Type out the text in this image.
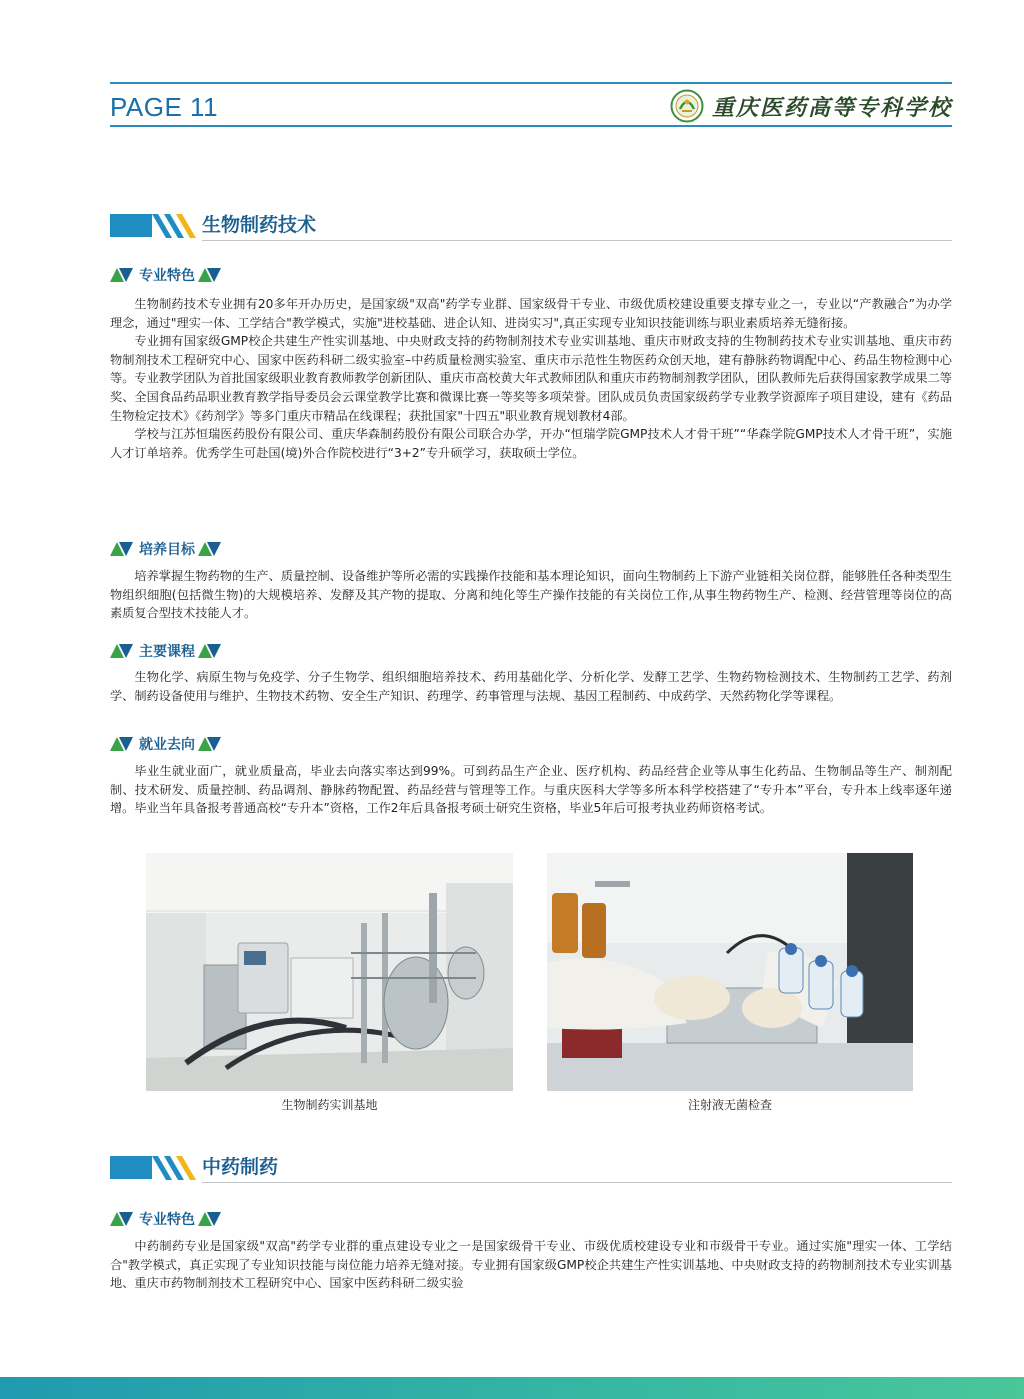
PAGE 11	重庆医药高等专科学校
生物制药技术
专业特色

生物制药技术专业拥有20多年开办历史，是国家级"双高"药学专业群、国家级骨干专业、市级优质校建设重要支撑专业之一，专业以“产教融合”为办学理念，通过"理实一体、工学结合"教学模式，实施"进校基础、进企认知、进岗实习",真正实现专业知识技能训练与职业素质培养无缝衔接。

专业拥有国家级GMP校企共建生产性实训基地、中央财政支持的药物制剂技术专业实训基地、重庆市财政支持的生物制药技术专业实训基地、重庆市药物制剂技术工程研究中心、国家中医药科研二级实验室–中药质量检测实验室、重庆市示范性生物医药众创天地，建有静脉药物调配中心、药品生物检测中心等。专业教学团队为首批国家级职业教育教师教学创新团队、重庆市高校黄大年式教师团队和重庆市药物制剂教学团队，团队教师先后获得国家教学成果二等奖、全国食品药品职业教育教学指导委员会云课堂教学比赛和微课比赛一等奖等多项荣誉。团队成员负责国家级药学专业教学资源库子项目建设，建有《药品生物检定技术》《药剂学》等多门重庆市精品在线课程；获批国家"十四五"职业教育规划教材4部。

学校与江苏恒瑞医药股份有限公司、重庆华森制药股份有限公司联合办学，开办“恒瑞学院GMP技术人才骨干班”“华森学院GMP技术人才骨干班”，实施人才订单培养。优秀学生可赴国(境)外合作院校进行“3+2”专升硕学习，获取硕士学位。

培养目标

培养掌握生物药物的生产、质量控制、设备维护等所必需的实践操作技能和基本理论知识，面向生物制药上下游产业链相关岗位群，能够胜任各种类型生物组织细胞(包括微生物)的大规模培养、发酵及其产物的提取、分离和纯化等生产操作技能的有关岗位工作,从事生物药物生产、检测、经营管理等岗位的高素质复合型技术技能人才。

主要课程

生物化学、病原生物与免疫学、分子生物学、组织细胞培养技术、药用基础化学、分析化学、发酵工艺学、生物药物检测技术、生物制药工艺学、药剂学、制药设备使用与维护、生物技术药物、安全生产知识、药理学、药事管理与法规、基因工程制药、中成药学、天然药物化学等课程。

就业去向

毕业生就业面广，就业质量高，毕业去向落实率达到99%。可到药品生产企业、医疗机构、药品经营企业等从事生化药品、生物制品等生产、制剂配制、技术研发、质量控制、药品调剂、静脉药物配置、药品经营与管理等工作。与重庆医科大学等多所本科学校搭建了“专升本”平台，专升本上线率逐年递增。毕业当年具备报考普通高校“专升本”资格，工作2年后具备报考硕士研究生资格，毕业5年后可报考执业药师资格考试。

生物制药实训基地	注射液无菌检查
中药制药
专业特色

中药制药专业是国家级"双高"药学专业群的重点建设专业之一是国家级骨干专业、市级优质校建设专业和市级骨干专业。通过实施"理实一体、工学结合"教学模式，真正实现了专业知识技能与岗位能力培养无缝对接。专业拥有国家级GMP校企共建生产性实训基地、中央财政支持的药物制剂技术专业实训基地、重庆市药物制剂技术工程研究中心、国家中医药科研二级实验
